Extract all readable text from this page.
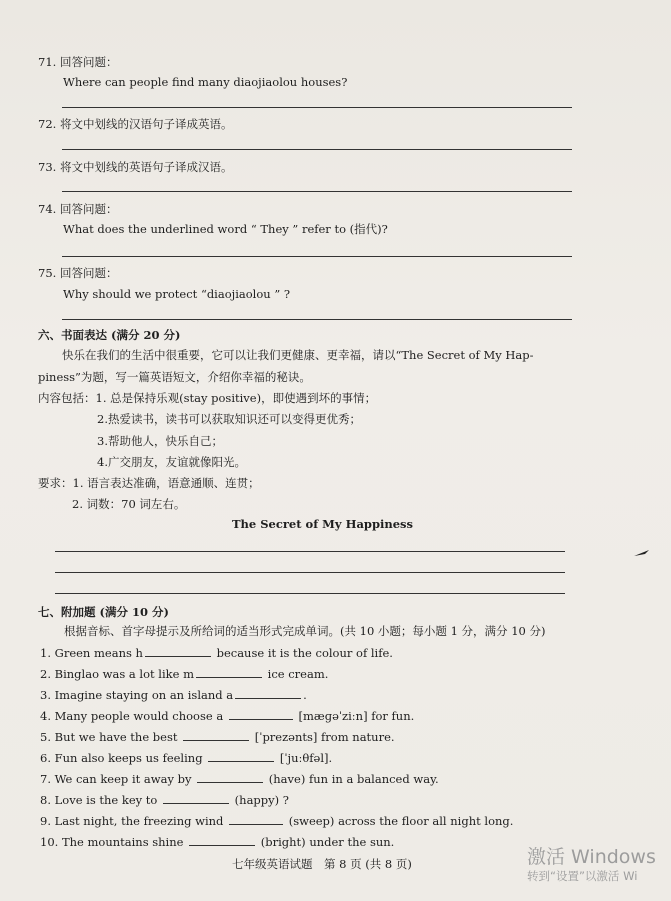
71. 回答问题：
Where can people find many diaojiaolou houses?
72. 将文中划线的汉语句子译成英语。
73. 将文中划线的英语句子译成汉语。
74. 回答问题：
What does the underlined word “ They ” refer to (指代)?
75. 回答问题：
Why should we protect “diaojiaolou ” ?
六、书面表达 (满分 20 分)
快乐在我们的生活中很重要，它可以让我们更健康、更幸福，请以“The Secret of My Hap-
piness”为题，写一篇英语短文，介绍你幸福的秘诀。
内容包括：1. 总是保持乐观(stay positive)，即使遇到坏的事情；
2.热爱读书，读书可以获取知识还可以变得更优秀；
3.帮助他人，快乐自己；
4.广交朋友，友谊就像阳光。
要求：1. 语言表达准确，语意通顺、连贯；
2. 词数：70 词左右。
The Secret of My Happiness
七、附加题 (满分 10 分)
根据音标、首字母提示及所给词的适当形式完成单词。(共 10 小题；每小题 1 分，满分 10 分)
1. Green means h	because it is the colour of life.
2. Binglao was a lot like m	ice cream.
3. Imagine staying on an island a	.
4. Many people would choose a	[mæɡəˈziːn] for fun.
5. But we have the best	[ˈprezənts] from nature.
6. Fun also keeps us feeling	[ˈjuːθfəl].
7. We can keep it away by	(have) fun in a balanced way.
8. Love is the key to	(happy) ?
9. Last night, the freezing wind	(sweep) across the floor all night long.
10. The mountains shine	(bright) under the sun.
七年级英语试题　第 8 页 (共 8 页)	激活 Windows
转到“设置”以激活 Wi
